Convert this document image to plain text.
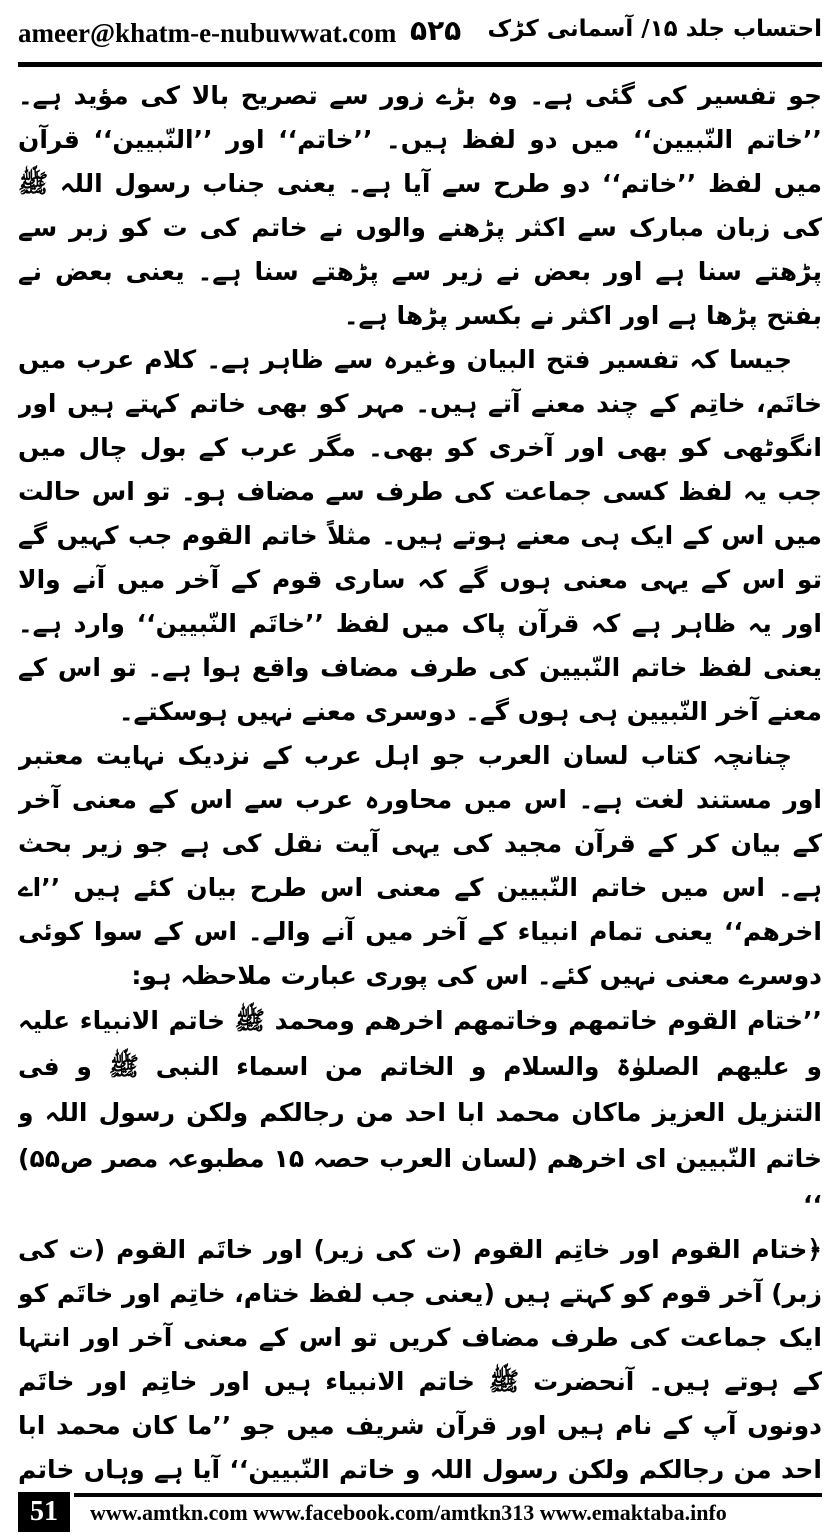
ameer@khatm-e-nubuwwat.com ۵۲۵ احتساب جلد ۱۵/ آسمانی کڑک

جو تفسیر کی گئی ہے۔ وہ بڑے زور سے تصریح بالا کی مؤید ہے۔ ’’خاتم النّبیین‘‘ میں دو لفظ ہیں۔ ’’خاتم‘‘ اور ’’النّبیین‘‘ قرآن میں لفظ ’’خاتم‘‘ دو طرح سے آیا ہے۔ یعنی جناب رسول اللہ ﷺ کی زبان مبارک سے اکثر پڑھنے والوں نے خاتم کی ت کو زبر سے پڑھتے سنا ہے اور بعض نے زیر سے پڑھتے سنا ہے۔ یعنی بعض نے بفتح پڑھا ہے اور اکثر نے بکسر پڑھا ہے۔

جیسا کہ تفسیر فتح البیان وغیرہ سے ظاہر ہے۔ کلام عرب میں خاتَم، خاتِم کے چند معنے آتے ہیں۔ مہر کو بھی خاتم کہتے ہیں اور انگوٹھی کو بھی اور آخری کو بھی۔ مگر عرب کے بول چال میں جب یہ لفظ کسی جماعت کی طرف سے مضاف ہو۔ تو اس حالت میں اس کے ایک ہی معنے ہوتے ہیں۔ مثلاً خاتم القوم جب کہیں گے تو اس کے یہی معنی ہوں گے کہ ساری قوم کے آخر میں آنے والا اور یہ ظاہر ہے کہ قرآن پاک میں لفظ ’’خاتَم النّبیین‘‘ وارد ہے۔ یعنی لفظ خاتم النّبیین کی طرف مضاف واقع ہوا ہے۔ تو اس کے معنے آخر النّبیین ہی ہوں گے۔ دوسری معنے نہیں ہوسکتے۔

چنانچہ کتاب لسان العرب جو اہل عرب کے نزدیک نہایت معتبر اور مستند لغت ہے۔ اس میں محاورہ عرب سے اس کے معنی آخر کے بیان کر کے قرآن مجید کی یہی آیت نقل کی ہے جو زیر بحث ہے۔ اس میں خاتم النّبیین کے معنی اس طرح بیان کئے ہیں ’’اے اخرھم‘‘ یعنی تمام انبیاء کے آخر میں آنے والے۔ اس کے سوا کوئی دوسرے معنی نہیں کئے۔ اس کی پوری عبارت ملاحظہ ہو:

’’ختام القوم خاتمھم وخاتمھم اخرھم ومحمد ﷺ خاتم الانبیاء علیہ و علیھم الصلوٰۃ والسلام و الخاتم من اسماء النبی ﷺ و فی التنزیل العزیز ماکان محمد ابا احد من رجالکم ولکن رسول اللہ و خاتم النّبیین ای اخرھم (لسان العرب حصہ ۱۵ مطبوعہ مصر ص۵۵) ‘‘

﴿ختام القوم اور خاتِم القوم (ت کی زیر) اور خاتَم القوم (ت کی زبر) آخر قوم کو کہتے ہیں (یعنی جب لفظ ختام، خاتِم اور خاتَم کو ایک جماعت کی طرف مضاف کریں تو اس کے معنی آخر اور انتہا کے ہوتے ہیں۔ آنحضرت ﷺ خاتم الانبیاء ہیں اور خاتِم اور خاتَم دونوں آپ کے نام ہیں اور قرآن شریف میں جو ’’ما کان محمد ابا احد من رجالکم ولکن رسول اللہ و خاتم النّبیین‘‘ آیا ہے وہاں خاتم

51	www.amtkn.com www.facebook.com/amtkn313 www.emaktaba.info
